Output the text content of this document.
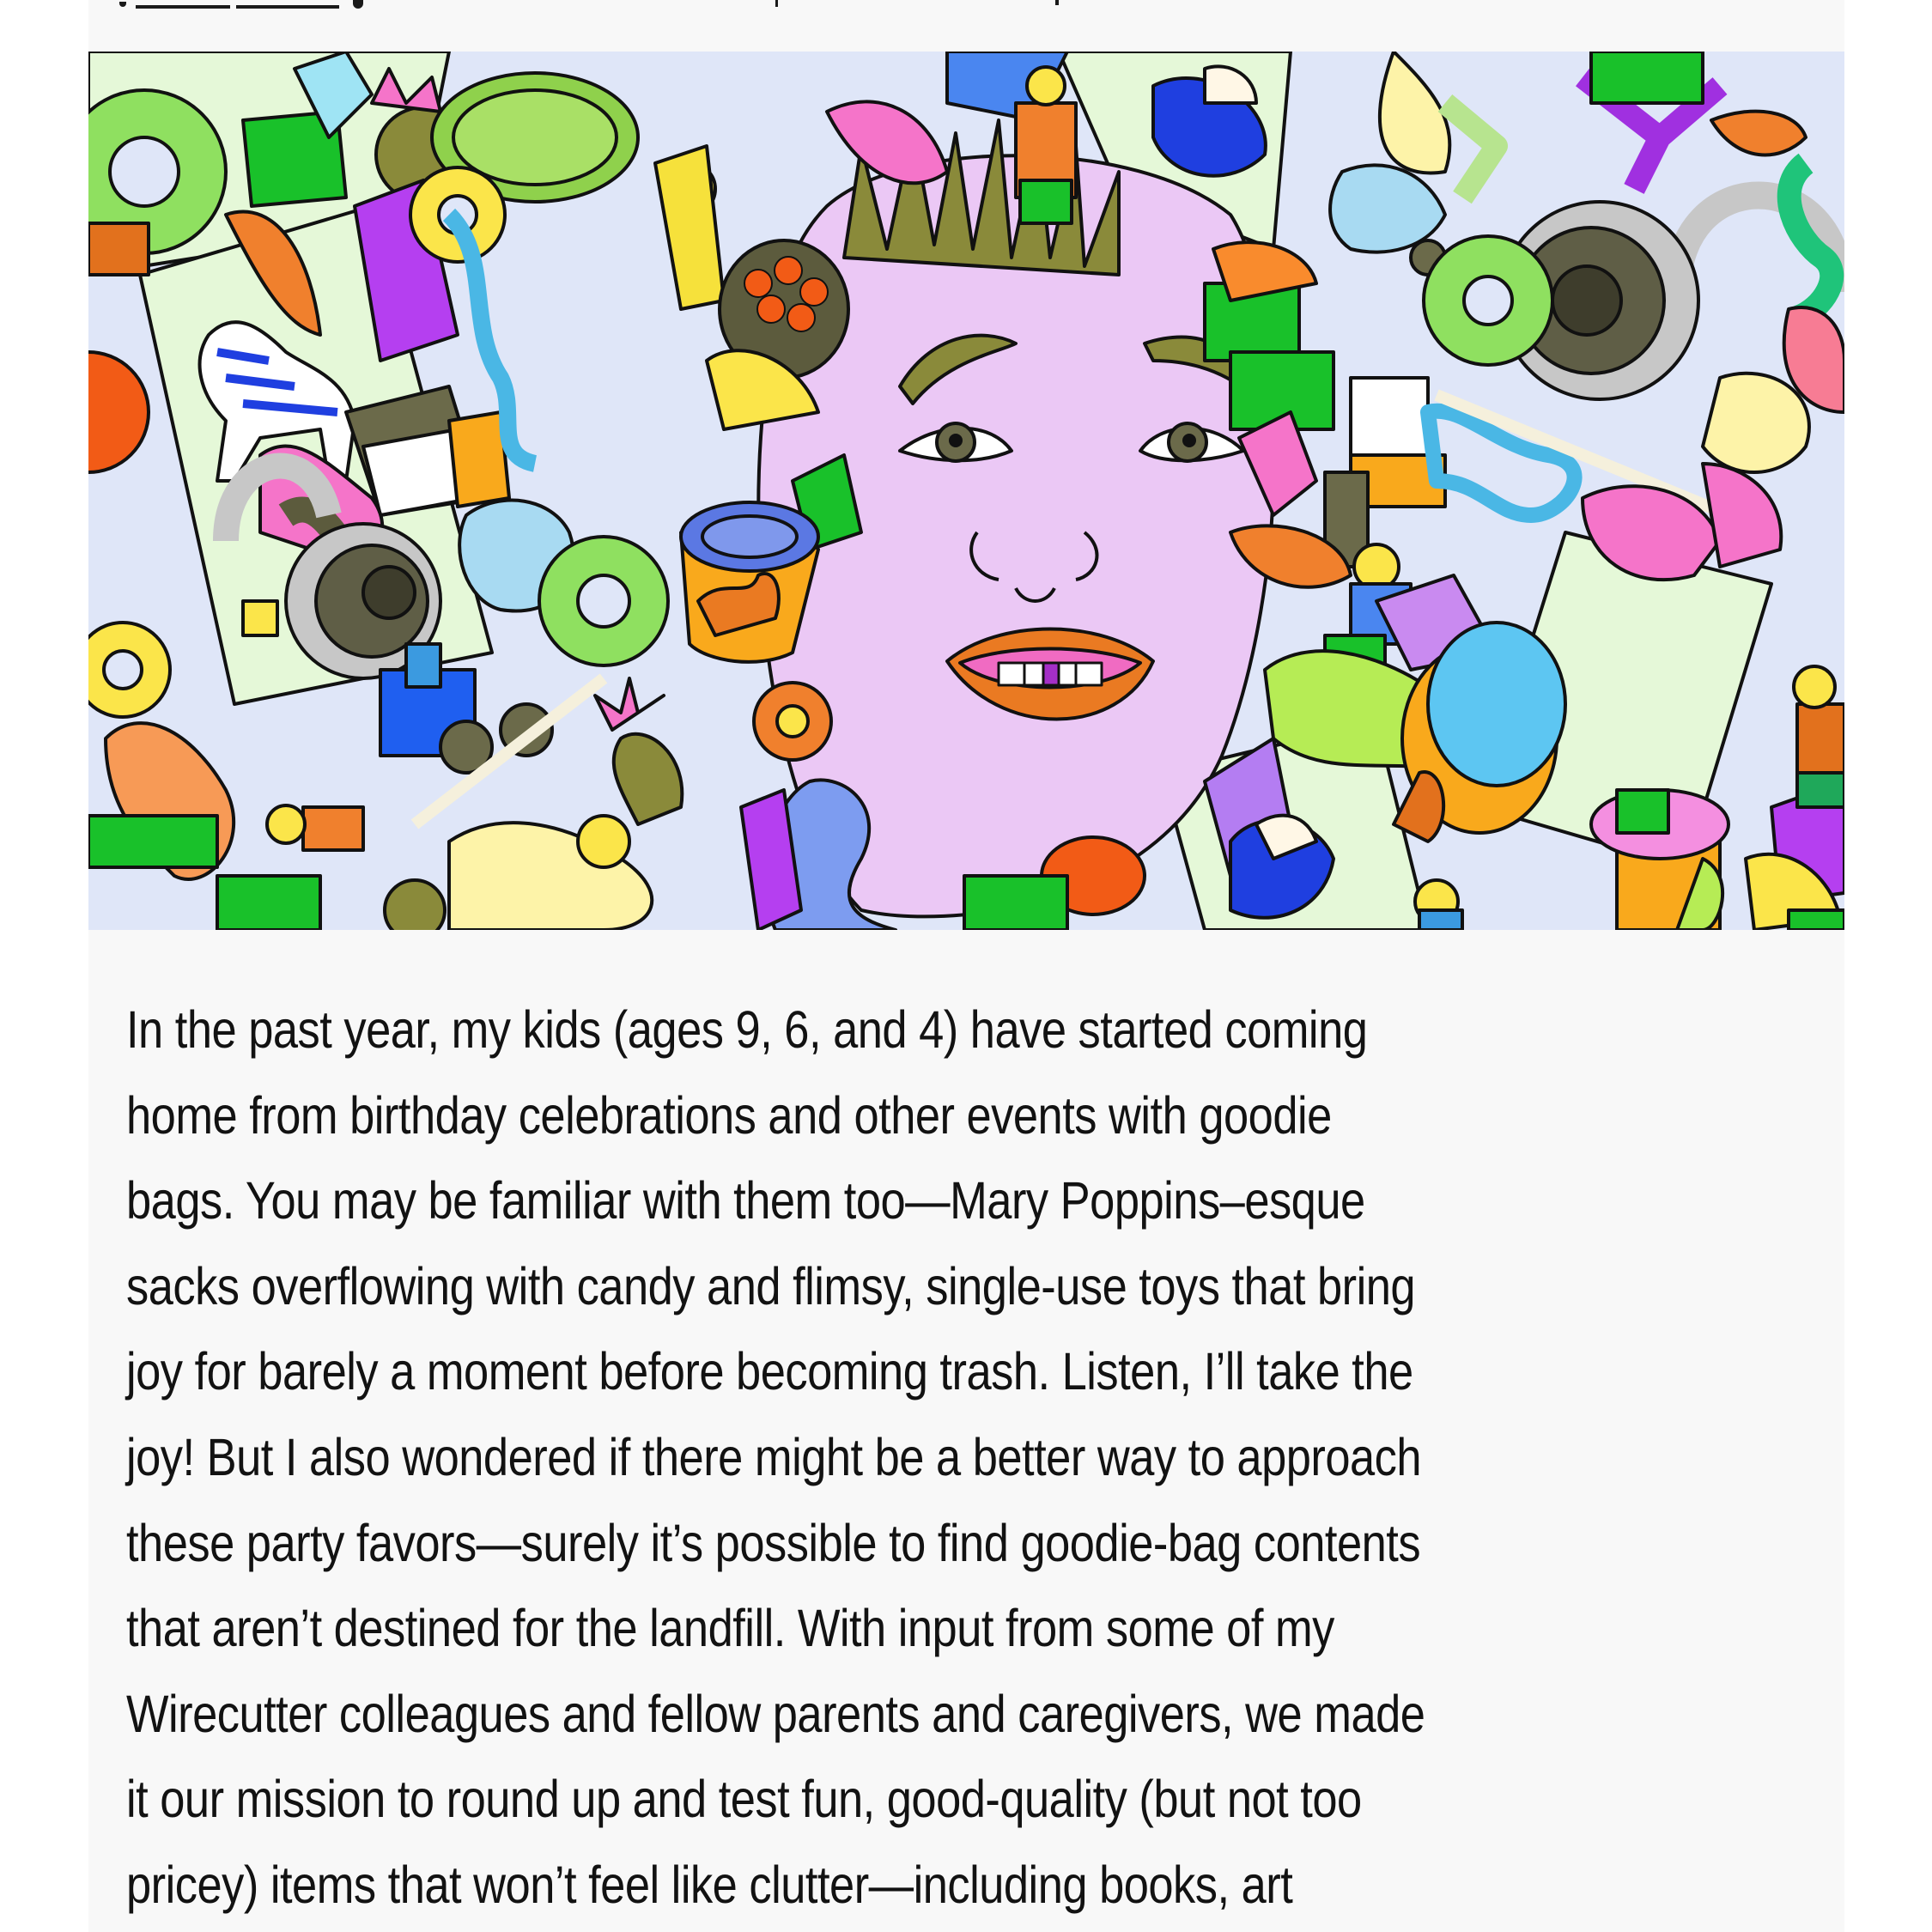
In the past year, my kids (ages 9, 6, and 4) have started coming
home from birthday celebrations and other events with goodie
bags. You may be familiar with them too—Mary Poppins–esque
sacks overflowing with candy and flimsy, single-use toys that bring
joy for barely a moment before becoming trash. Listen, I’ll take the
joy! But I also wondered if there might be a better way to approach
these party favors—surely it’s possible to find goodie-bag contents
that aren’t destined for the landfill. With input from some of my
Wirecutter colleagues and fellow parents and caregivers, we made
it our mission to round up and test fun, good-quality (but not too
pricey) items that won’t feel like clutter—including books, art
